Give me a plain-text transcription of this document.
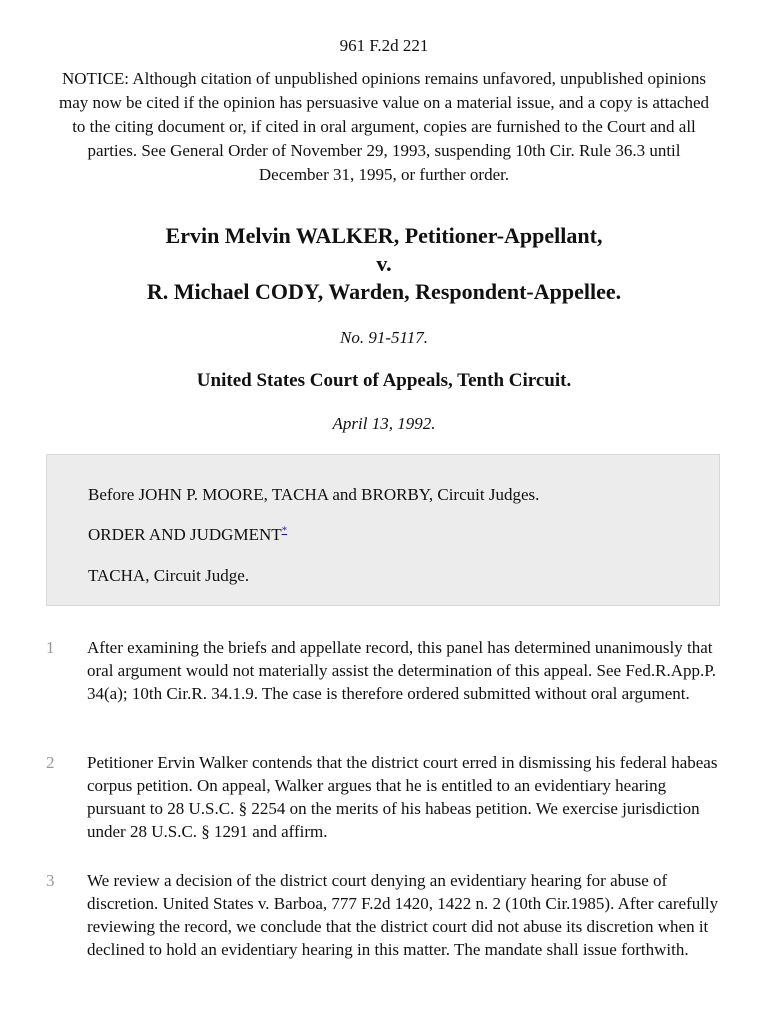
961 F.2d 221
NOTICE: Although citation of unpublished opinions remains unfavored, unpublished opinions may now be cited if the opinion has persuasive value on a material issue, and a copy is attached to the citing document or, if cited in oral argument, copies are furnished to the Court and all parties. See General Order of November 29, 1993, suspending 10th Cir. Rule 36.3 until December 31, 1995, or further order.
Ervin Melvin WALKER, Petitioner-Appellant,
v.
R. Michael CODY, Warden, Respondent-Appellee.
No. 91-5117.
United States Court of Appeals, Tenth Circuit.
April 13, 1992.
Before JOHN P. MOORE, TACHA and BRORBY, Circuit Judges.
ORDER AND JUDGMENT*
TACHA, Circuit Judge.
1 After examining the briefs and appellate record, this panel has determined unanimously that oral argument would not materially assist the determination of this appeal. See Fed.R.App.P. 34(a); 10th Cir.R. 34.1.9. The case is therefore ordered submitted without oral argument.
2 Petitioner Ervin Walker contends that the district court erred in dismissing his federal habeas corpus petition. On appeal, Walker argues that he is entitled to an evidentiary hearing pursuant to 28 U.S.C. § 2254 on the merits of his habeas petition. We exercise jurisdiction under 28 U.S.C. § 1291 and affirm.
3 We review a decision of the district court denying an evidentiary hearing for abuse of discretion. United States v. Barboa, 777 F.2d 1420, 1422 n. 2 (10th Cir.1985). After carefully reviewing the record, we conclude that the district court did not abuse its discretion when it declined to hold an evidentiary hearing in this matter. The mandate shall issue forthwith.
